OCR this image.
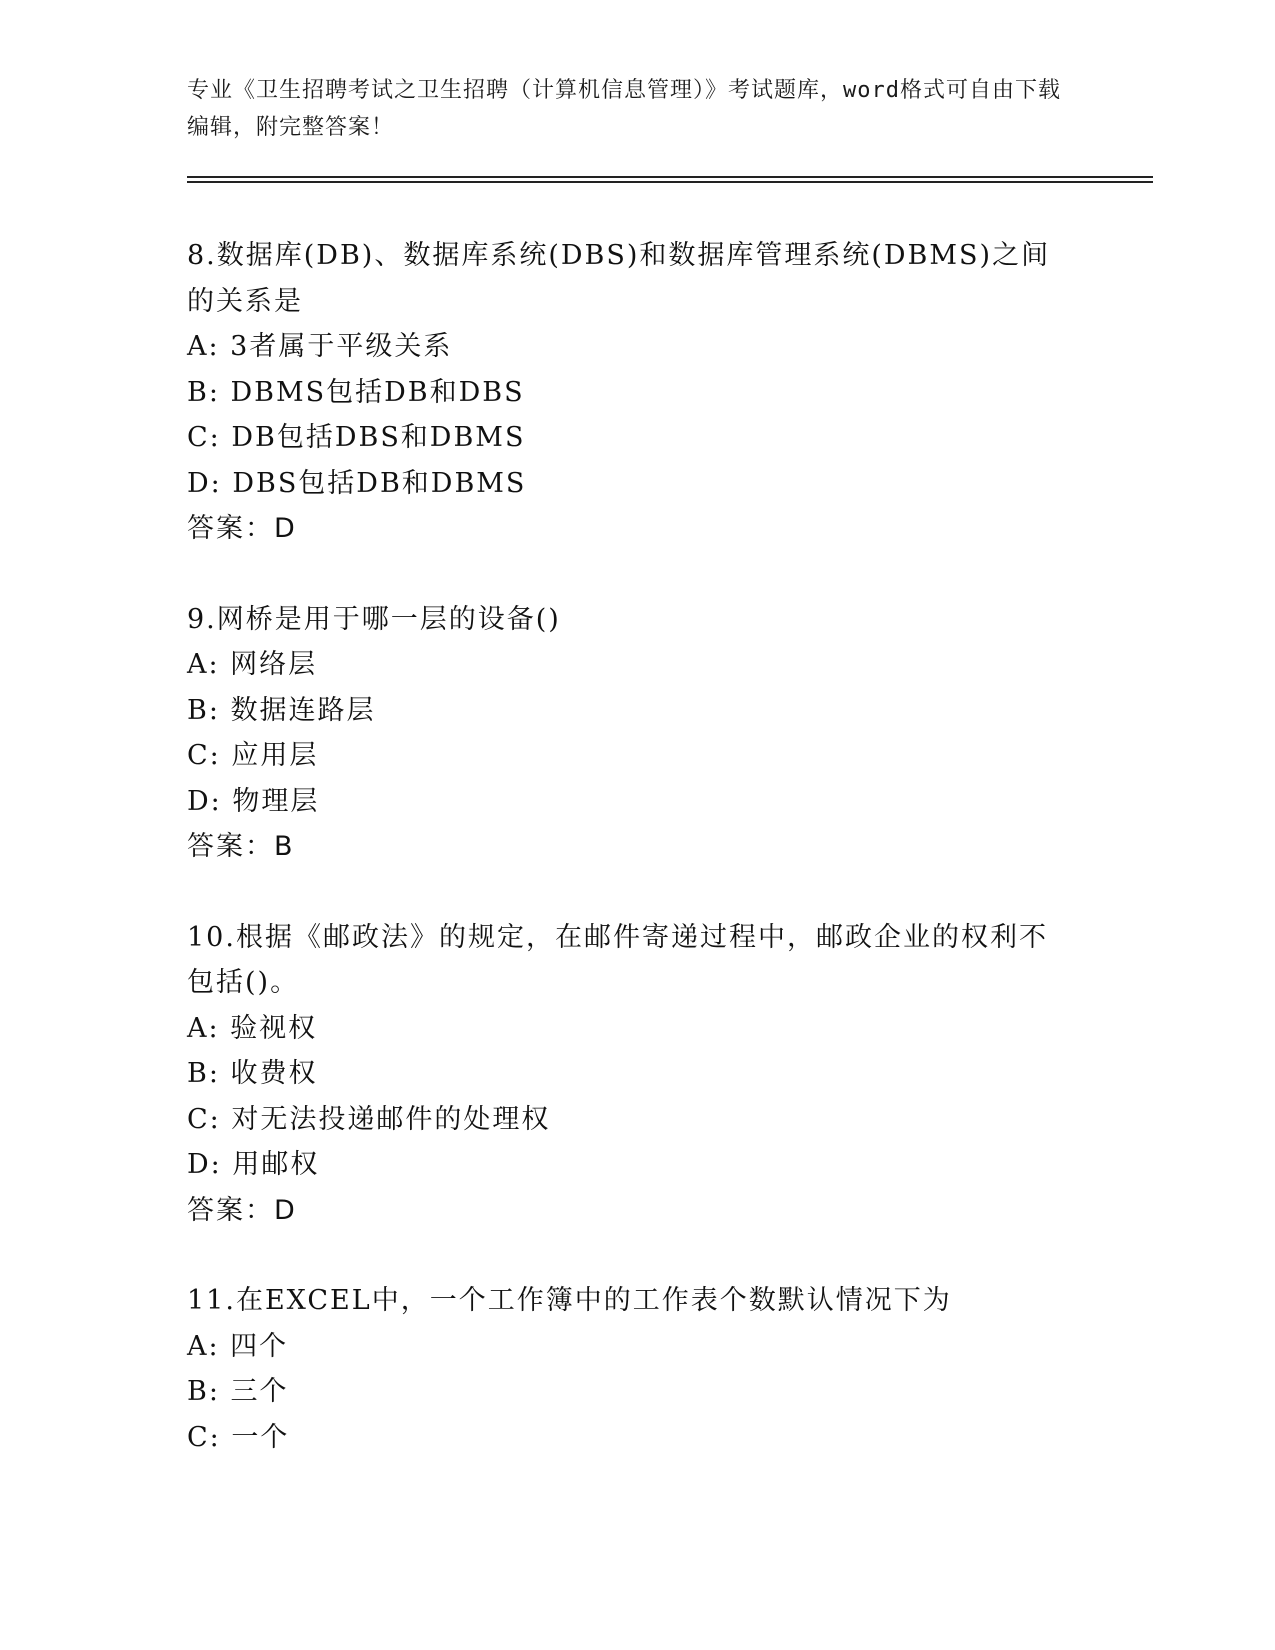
专业《卫生招聘考试之卫生招聘（计算机信息管理）》考试题库，word格式可自由下载编辑，附完整答案！

8.数据库(DB)、数据库系统(DBS)和数据库管理系统(DBMS)之间的关系是

A: 3者属于平级关系

B: DBMS包括DB和DBS

C: DB包括DBS和DBMS

D: DBS包括DB和DBMS

答案：D

9.网桥是用于哪一层的设备()

A: 网络层

B: 数据连路层

C: 应用层

D: 物理层

答案：B

10.根据《邮政法》的规定，在邮件寄递过程中，邮政企业的权利不包括()。

A: 验视权

B: 收费权

C: 对无法投递邮件的处理权

D: 用邮权

答案：D

11.在EXCEL中，一个工作簿中的工作表个数默认情况下为

A: 四个

B: 三个

C: 一个
